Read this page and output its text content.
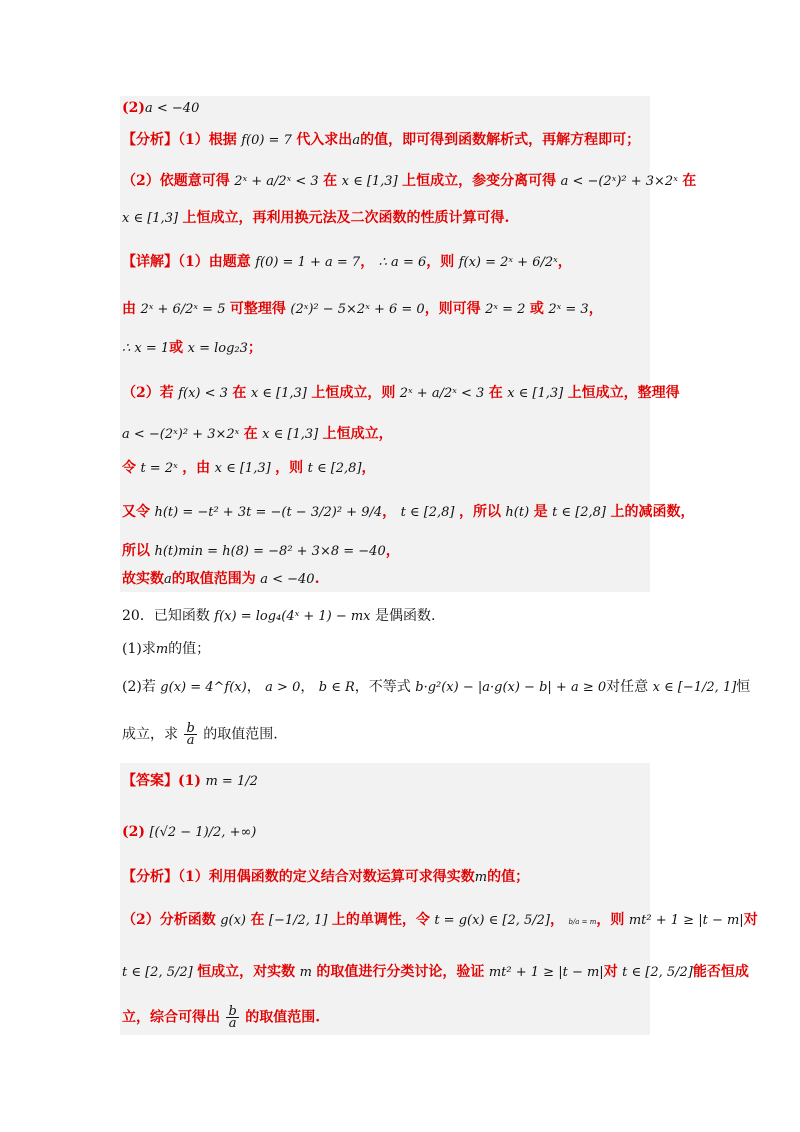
(2)a < −40
【分析】（1）根据 f(0) = 7 代入求出a的值，即可得到函数解析式，再解方程即可；
（2）依题意可得 2ˣ + a/2ˣ < 3 在 x ∈ [1,3] 上恒成立，参变分离可得 a < −(2ˣ)² + 3×2ˣ 在
x ∈ [1,3] 上恒成立，再利用换元法及二次函数的性质计算可得.
【详解】（1）由题意 f(0) = 1 + a = 7， ∴ a = 6，则 f(x) = 2ˣ + 6/2ˣ，
由 2ˣ + 6/2ˣ = 5 可整理得 (2ˣ)² − 5×2ˣ + 6 = 0，则可得 2ˣ = 2 或 2ˣ = 3，
∴ x = 1或 x = log₂3；
（2）若 f(x) < 3 在 x ∈ [1,3] 上恒成立，则 2ˣ + a/2ˣ < 3 在 x ∈ [1,3] 上恒成立，整理得
a < −(2ˣ)² + 3×2ˣ 在 x ∈ [1,3] 上恒成立，
令 t = 2ˣ ，由 x ∈ [1,3] ，则 t ∈ [2,8]，
又令 h(t) = −t² + 3t = −(t − 3/2)² + 9/4， t ∈ [2,8] ，所以 h(t) 是 t ∈ [2,8] 上的减函数，
所以 h(t)min = h(8) = −8² + 3×8 = −40，
故实数a的取值范围为 a < −40.
20．已知函数 f(x) = log₄(4ˣ + 1) − mx 是偶函数.
(1)求m的值；
(2)若 g(x) = 4^f(x)， a > 0， b ∈ R，不等式 b·g²(x) − |a·g(x) − b| + a ≥ 0对任意 x ∈ [−1/2, 1]恒
成立，求 $\frac{b}{a}$ 的取值范围.
【答案】(1) m = 1/2
(2) [(√2 − 1)/2, +∞)
【分析】（1）利用偶函数的定义结合对数运算可求得实数m的值；
（2）分析函数 g(x) 在 [−1/2, 1] 上的单调性，令 t = g(x) ∈ [2, 5/2]， b/a = m，则 mt² + 1 ≥ |t − m|对
t ∈ [2, 5/2] 恒成立，对实数 m 的取值进行分类讨论，验证 mt² + 1 ≥ |t − m|对 t ∈ [2, 5/2]能否恒成
立，综合可得出 $\frac{b}{a}$ 的取值范围.
